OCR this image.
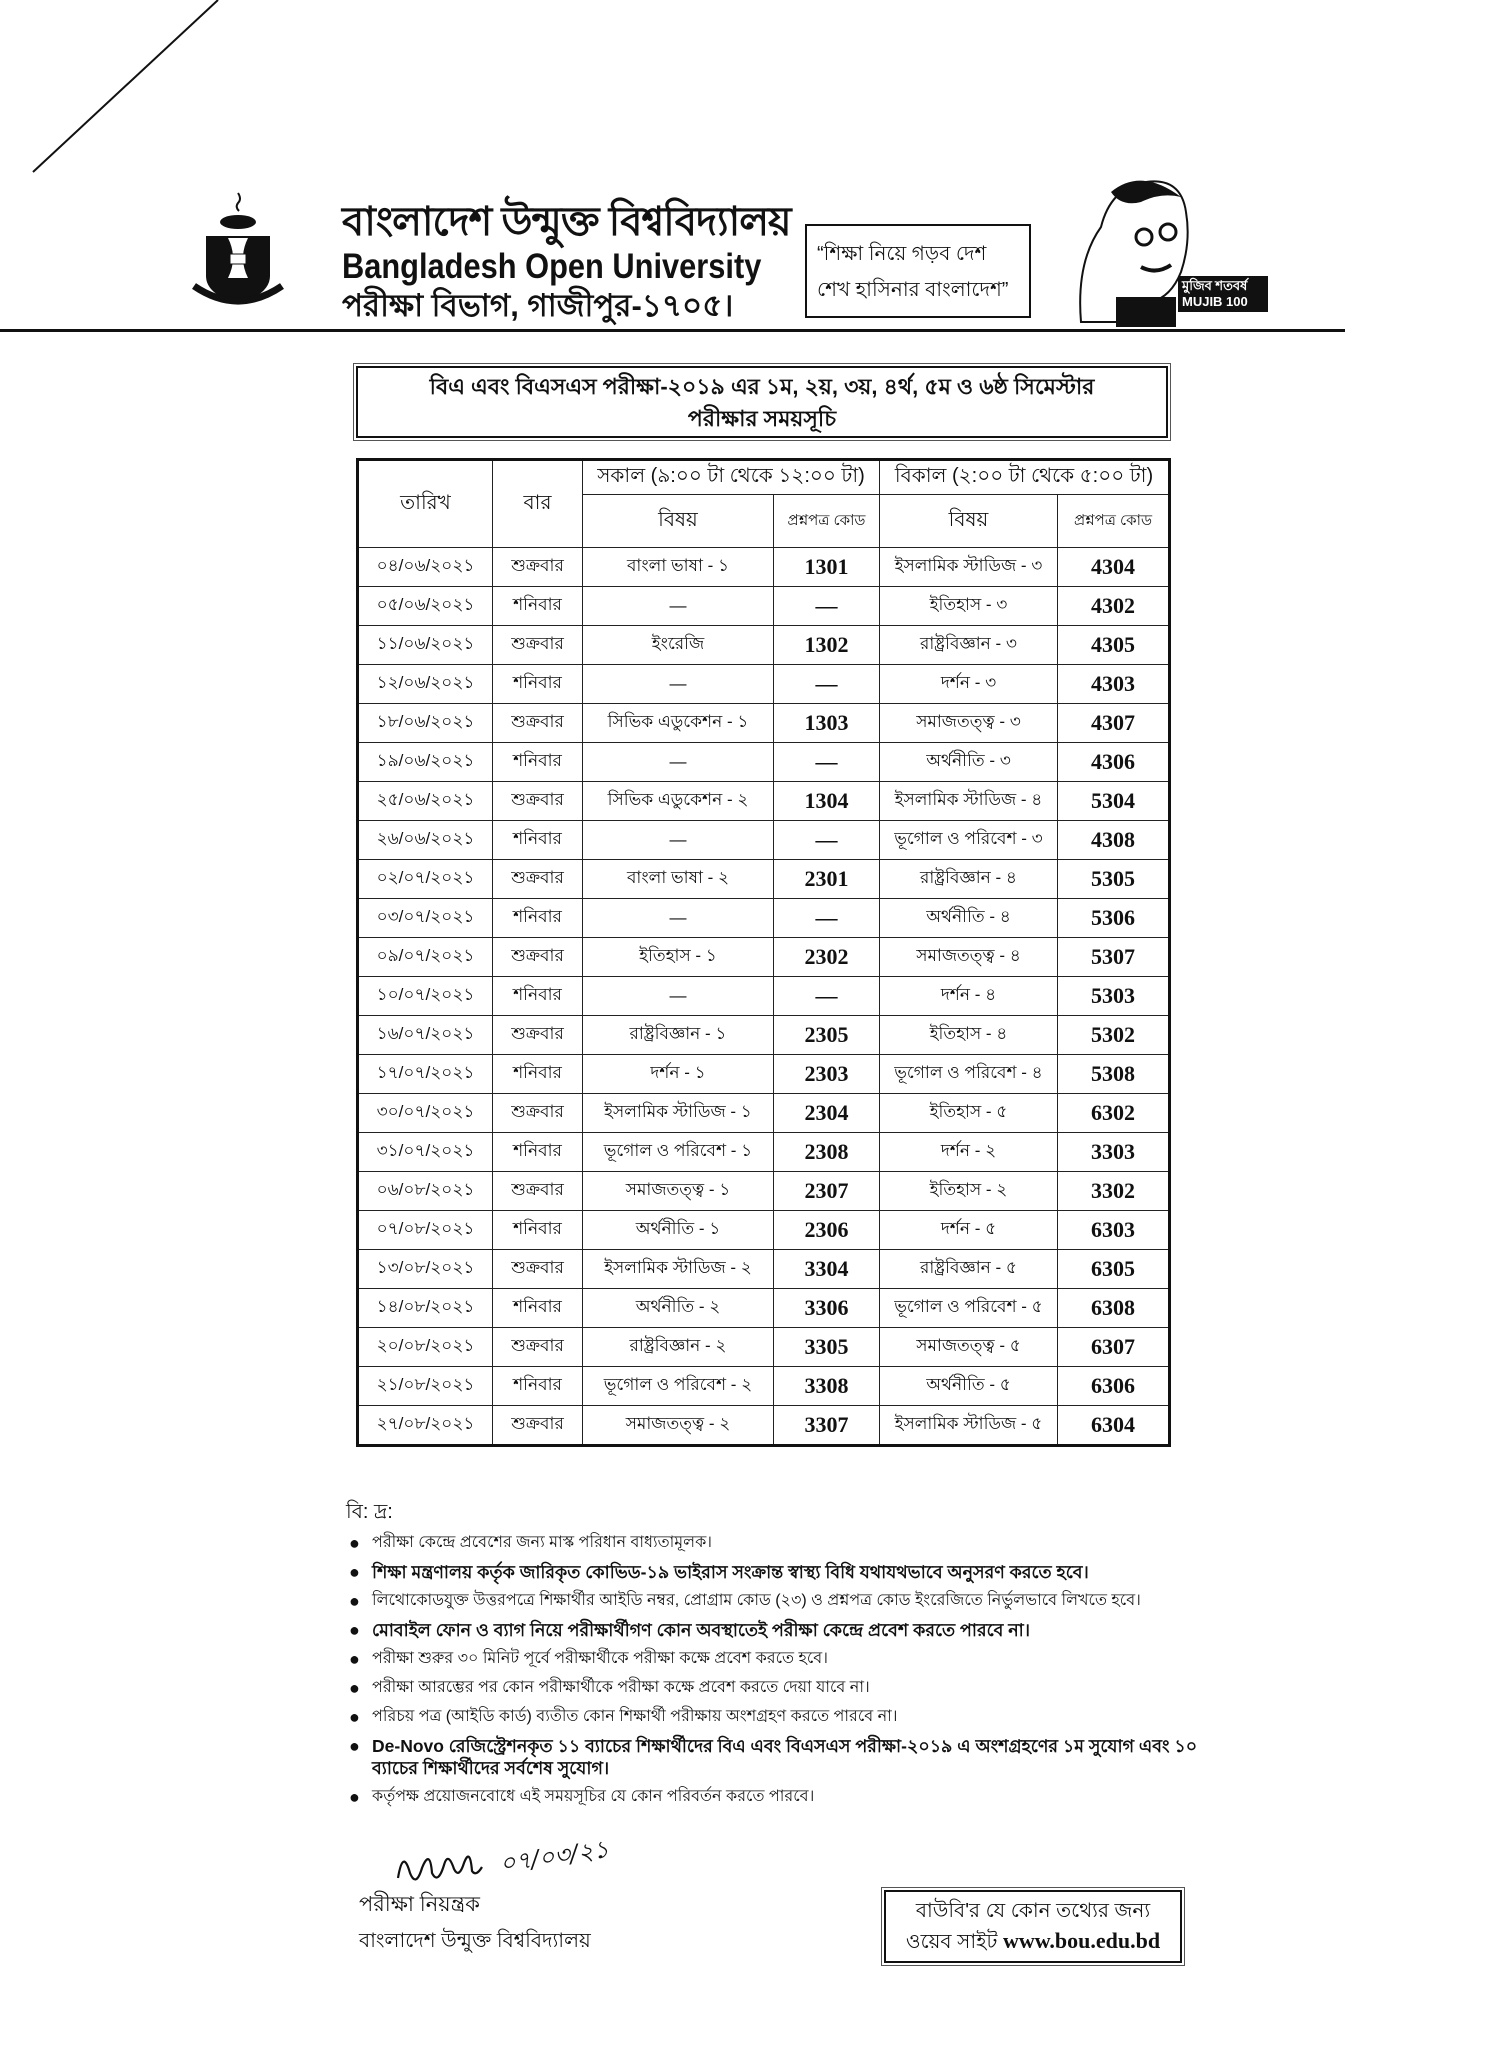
বাংলাদেশ উন্মুক্ত বিশ্ববিদ্যালয়
Bangladesh Open University
পরীক্ষা বিভাগ, গাজীপুর-১৭০৫।
“শিক্ষা নিয়ে গড়ব দেশ
শেখ হাসিনার বাংলাদেশ”	মুজিব শতবর্ষ MUJIB 100
বিএ এবং বিএসএস পরীক্ষা-২০১৯ এর ১ম, ২য়, ৩য়, ৪র্থ, ৫ম ও ৬ষ্ঠ সিমেস্টার
পরীক্ষার সময়সূচি
তারিখ	বার	সকাল (৯:০০ টা থেকে ১২:০০ টা)		বিকাল (২:০০ টা থেকে ৫:০০ টা)	
		বিষয়	প্রশ্নপত্র কোড	বিষয়	প্রশ্নপত্র কোড
০৪/০৬/২০২১	শুক্রবার	বাংলা ভাষা - ১	1301	ইসলামিক স্টাডিজ - ৩	4304
০৫/০৬/২০২১	শনিবার	—	—	ইতিহাস - ৩	4302
১১/০৬/২০২১	শুক্রবার	ইংরেজি	1302	রাষ্ট্রবিজ্ঞান - ৩	4305
১২/০৬/২০২১	শনিবার	—	—	দর্শন - ৩	4303
১৮/০৬/২০২১	শুক্রবার	সিভিক এডুকেশন - ১	1303	সমাজতত্ত্ব - ৩	4307
১৯/০৬/২০২১	শনিবার	—	—	অর্থনীতি - ৩	4306
২৫/০৬/২০২১	শুক্রবার	সিভিক এডুকেশন - ২	1304	ইসলামিক স্টাডিজ - ৪	5304
২৬/০৬/২০২১	শনিবার	—	—	ভূগোল ও পরিবেশ - ৩	4308
০২/০৭/২০২১	শুক্রবার	বাংলা ভাষা - ২	2301	রাষ্ট্রবিজ্ঞান - ৪	5305
০৩/০৭/২০২১	শনিবার	—	—	অর্থনীতি - ৪	5306
০৯/০৭/২০২১	শুক্রবার	ইতিহাস - ১	2302	সমাজতত্ত্ব - ৪	5307
১০/০৭/২০২১	শনিবার	—	—	দর্শন - ৪	5303
১৬/০৭/২০২১	শুক্রবার	রাষ্ট্রবিজ্ঞান - ১	2305	ইতিহাস - ৪	5302
১৭/০৭/২০২১	শনিবার	দর্শন - ১	2303	ভূগোল ও পরিবেশ - ৪	5308
৩০/০৭/২০২১	শুক্রবার	ইসলামিক স্টাডিজ - ১	2304	ইতিহাস - ৫	6302
৩১/০৭/২০২১	শনিবার	ভূগোল ও পরিবেশ - ১	2308	দর্শন - ২	3303
০৬/০৮/২০২১	শুক্রবার	সমাজতত্ত্ব - ১	2307	ইতিহাস - ২	3302
০৭/০৮/২০২১	শনিবার	অর্থনীতি - ১	2306	দর্শন - ৫	6303
১৩/০৮/২০২১	শুক্রবার	ইসলামিক স্টাডিজ - ২	3304	রাষ্ট্রবিজ্ঞান - ৫	6305
১৪/০৮/২০২১	শনিবার	অর্থনীতি - ২	3306	ভূগোল ও পরিবেশ - ৫	6308
২০/০৮/২০২১	শুক্রবার	রাষ্ট্রবিজ্ঞান - ২	3305	সমাজতত্ত্ব - ৫	6307
২১/০৮/২০২১	শনিবার	ভূগোল ও পরিবেশ - ২	3308	অর্থনীতি - ৫	6306
২৭/০৮/২০২১	শুক্রবার	সমাজতত্ত্ব - ২	3307	ইসলামিক স্টাডিজ - ৫	6304
বি: দ্র:
● পরীক্ষা কেন্দ্রে প্রবেশের জন্য মাস্ক পরিধান বাধ্যতামূলক।
● শিক্ষা মন্ত্রণালয় কর্তৃক জারিকৃত কোভিড-১৯ ভাইরাস সংক্রান্ত স্বাস্থ্য বিধি যথাযথভাবে অনুসরণ করতে হবে।
● লিথোকোডযুক্ত উত্তরপত্রে শিক্ষার্থীর আইডি নম্বর, প্রোগ্রাম কোড (২৩) ও প্রশ্নপত্র কোড ইংরেজিতে নির্ভুলভাবে লিখতে হবে।
● মোবাইল ফোন ও ব্যাগ নিয়ে পরীক্ষার্থীগণ কোন অবস্থাতেই পরীক্ষা কেন্দ্রে প্রবেশ করতে পারবে না।
● পরীক্ষা শুরুর ৩০ মিনিট পূর্বে পরীক্ষার্থীকে পরীক্ষা কক্ষে প্রবেশ করতে হবে।
● পরীক্ষা আরম্ভের পর কোন পরীক্ষার্থীকে পরীক্ষা কক্ষে প্রবেশ করতে দেয়া যাবে না।
● পরিচয় পত্র (আইডি কার্ড) ব্যতীত কোন শিক্ষার্থী পরীক্ষায় অংশগ্রহণ করতে পারবে না।
● De-Novo রেজিস্ট্রেশনকৃত ১১ ব্যাচের শিক্ষার্থীদের বিএ এবং বিএসএস পরীক্ষা-২০১৯ এ অংশগ্রহণের ১ম সুযোগ এবং ১০ ব্যাচের শিক্ষার্থীদের সর্বশেষ সুযোগ।
● কর্তৃপক্ষ প্রয়োজনবোধে এই সময়সূচির যে কোন পরিবর্তন করতে পারবে।
০৭/০৩/২১
পরীক্ষা নিয়ন্ত্রক
বাংলাদেশ উন্মুক্ত বিশ্ববিদ্যালয়
বাউবি'র যে কোন তথ্যের জন্য
ওয়েব সাইট www.bou.edu.bd
